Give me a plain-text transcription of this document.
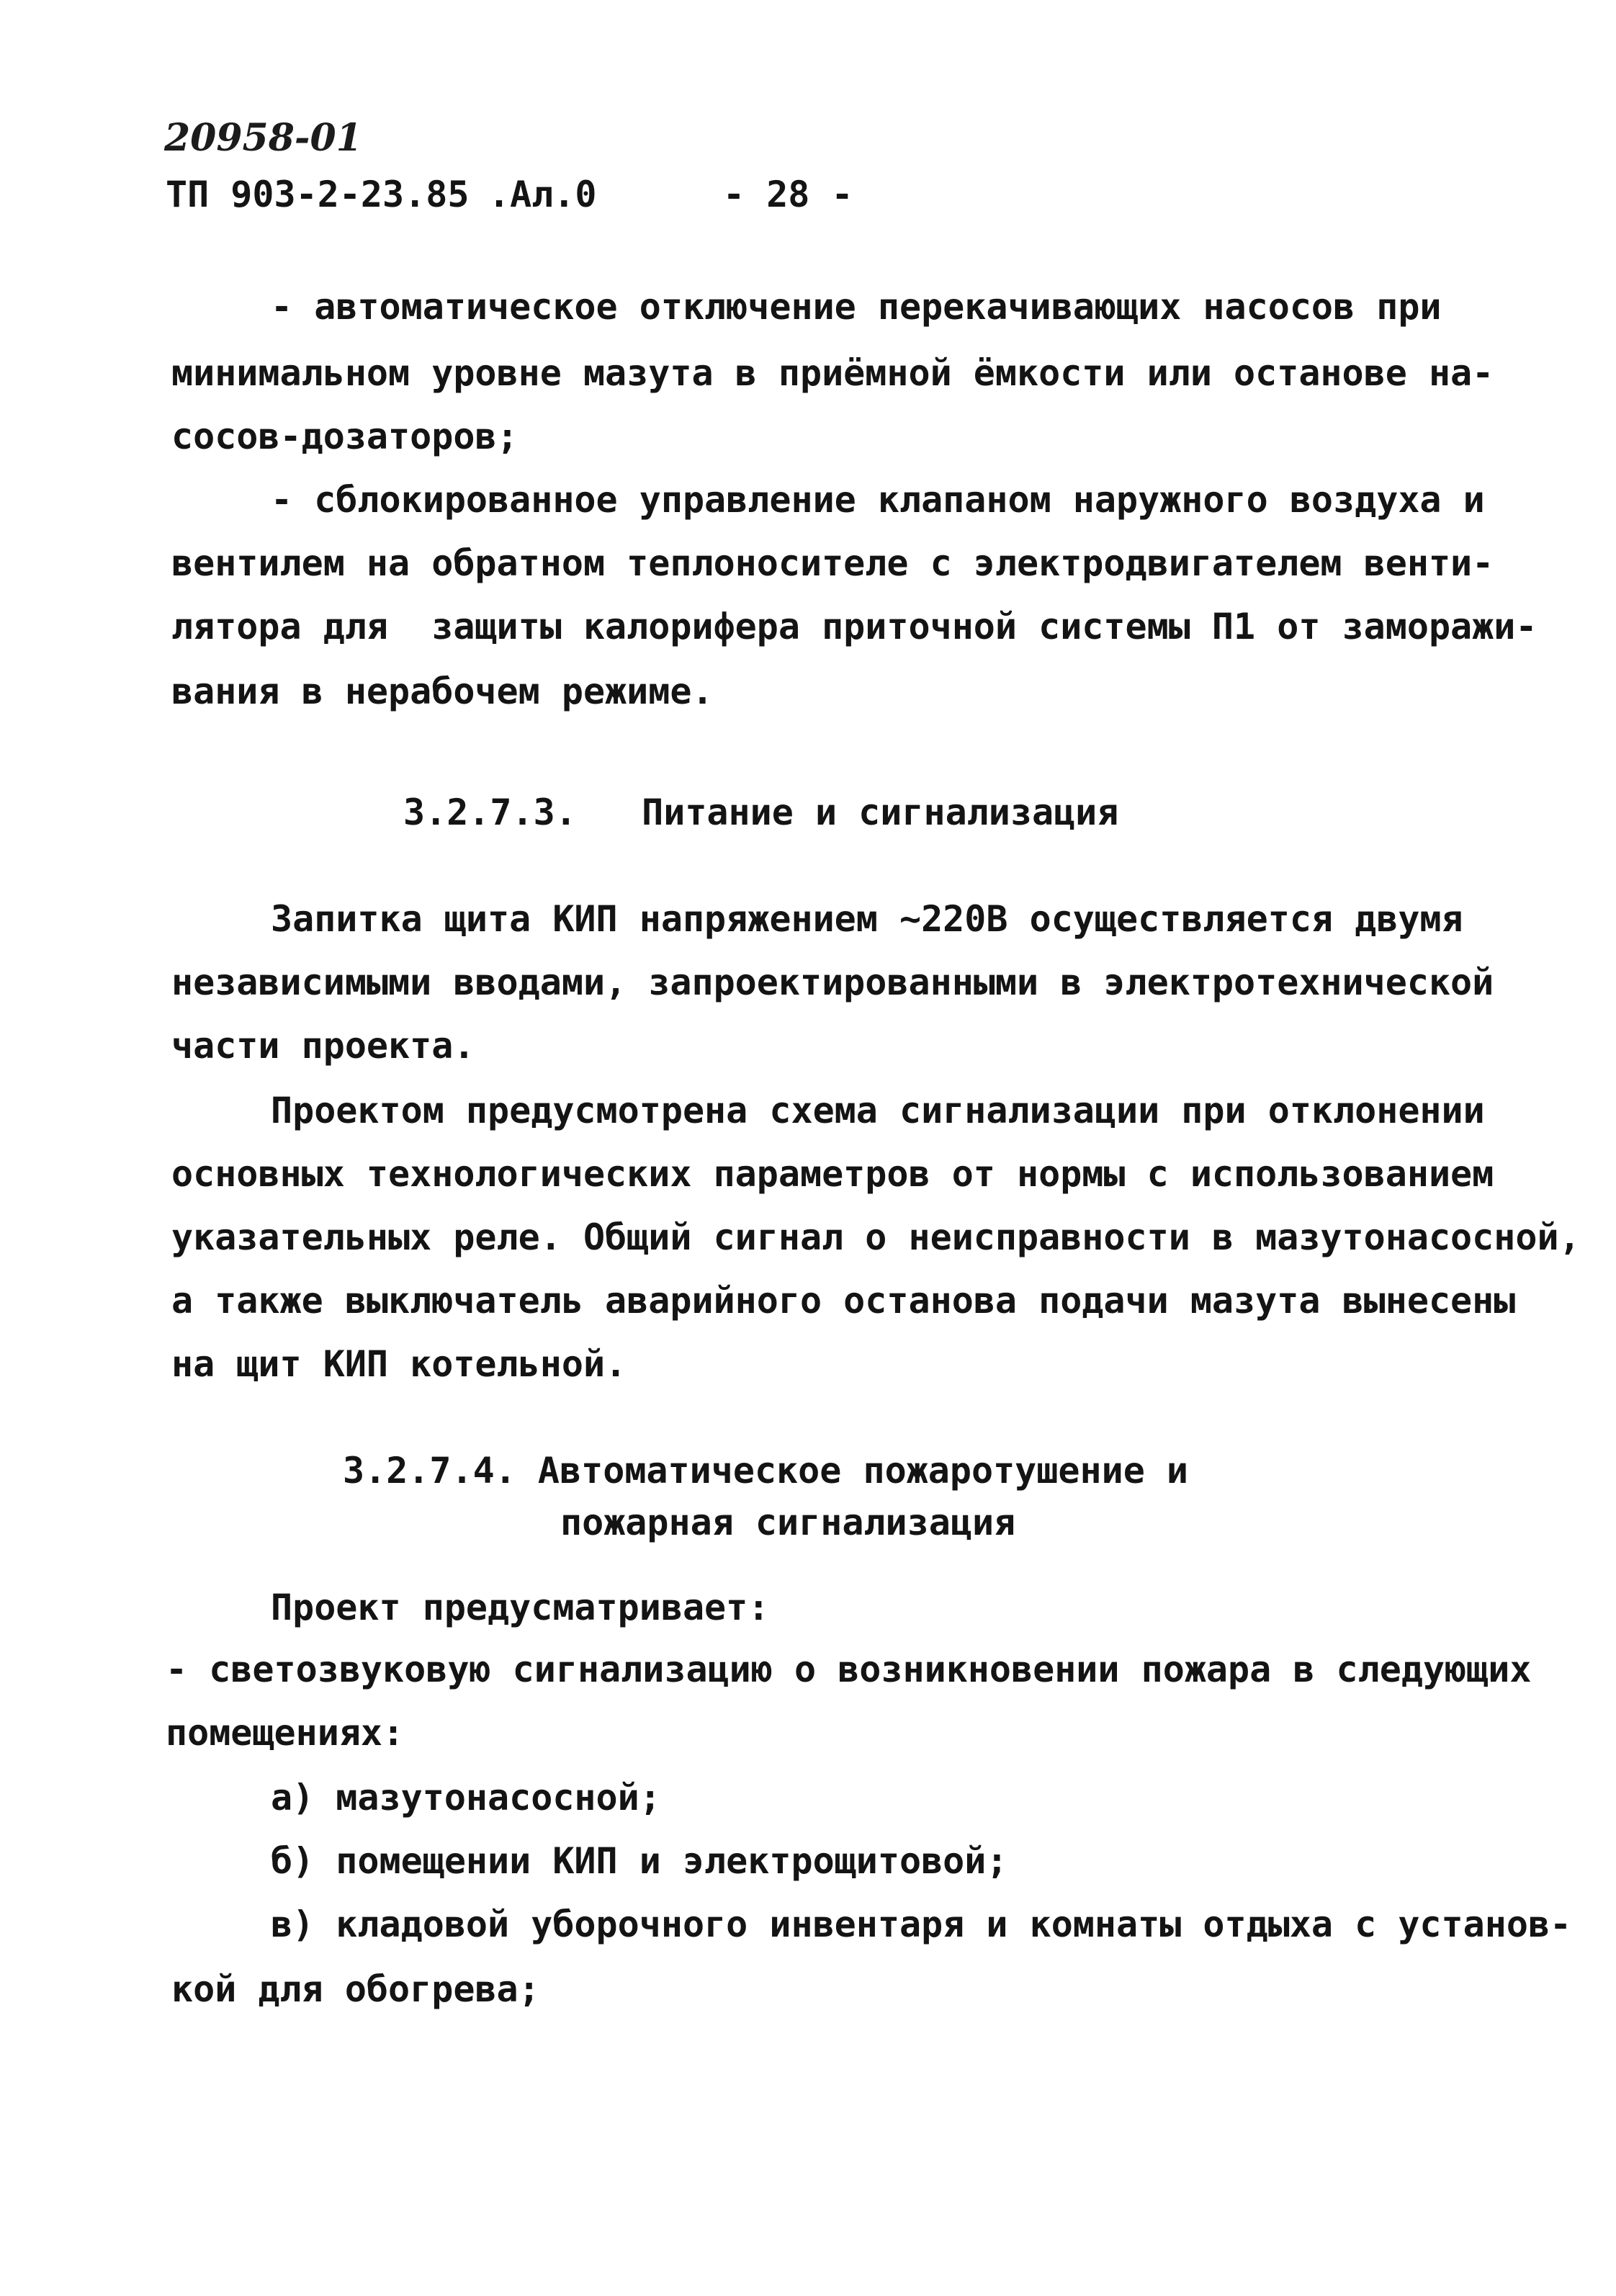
20958-01
ТП 903-2-23.85 .Ал.0	- 28 -
- автоматическое отключение перекачивающих насосов при
минимальном уровне мазута в приёмной ёмкости или останове на-
сосов-дозаторов;
- сблокированное управление клапаном наружного воздуха и
вентилем на обратном теплоносителе с электродвигателем венти-
лятора для  защиты калорифера приточной системы П1 от заморажи-
вания в нерабочем режиме.
3.2.7.3.   Питание и сигнализация
Запитка щита КИП напряжением ~220В осуществляется двумя
независимыми вводами, запроектированными в электротехнической
части проекта.
Проектом предусмотрена схема сигнализации при отклонении
основных технологических параметров от нормы с использованием
указательных реле. Общий сигнал о неисправности в мазутонасосной,
а также выключатель аварийного останова подачи мазута вынесены
на щит КИП котельной.
3.2.7.4. Автоматическое пожаротушение и
пожарная сигнализация
Проект предусматривает:
- светозвуковую сигнализацию о возникновении пожара в следующих
помещениях:
а) мазутонасосной;
б) помещении КИП и электрощитовой;
в) кладовой уборочного инвентаря и комнаты отдыха с установ-
кой для обогрева;
